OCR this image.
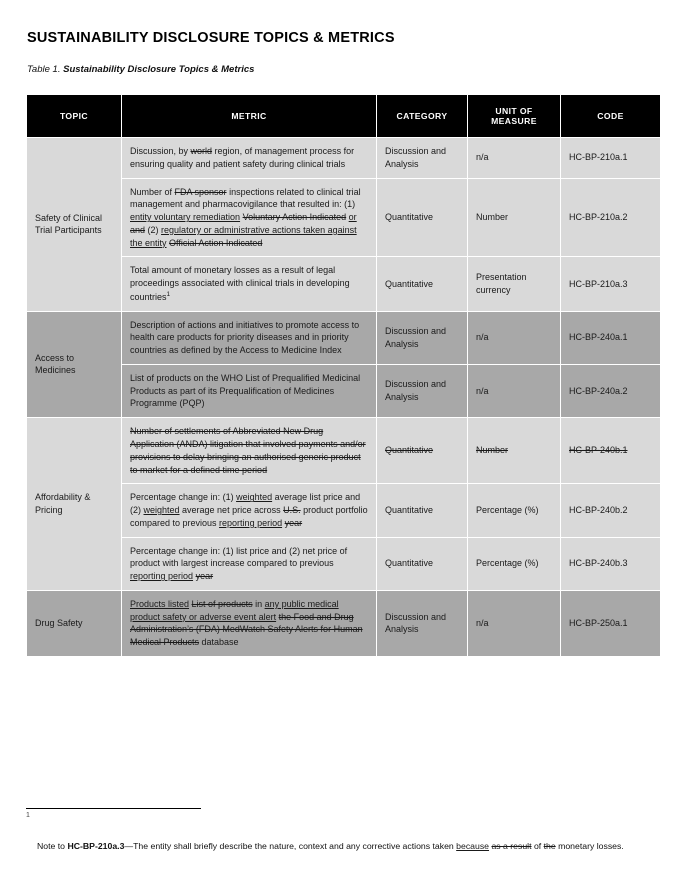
SUSTAINABILITY DISCLOSURE TOPICS & METRICS
Table 1. Sustainability Disclosure Topics & Metrics
TOPIC	METRIC	CATEGORY	UNIT OF
MEASURE	CODE
Safety of Clinical Trial Participants	Discussion, by world region, of management process for ensuring quality and patient safety during clinical trials	Discussion and Analysis	n/a	HC-BP-210a.1
	Number of FDA sponsor inspections related to clinical trial management and pharmacovigilance that resulted in: (1) entity voluntary remediation Voluntary Action Indicated or and (2) regulatory or administrative actions taken against the entity Official Action Indicated	Quantitative	Number	HC-BP-210a.2
	Total amount of monetary losses as a result of legal proceedings associated with clinical trials in developing countries$^1$	Quantitative	Presentation currency	HC-BP-210a.3
Access to Medicines	Description of actions and initiatives to promote access to health care products for priority diseases and in priority countries as defined by the Access to Medicine Index	Discussion and Analysis	n/a	HC-BP-240a.1
	List of products on the WHO List of Prequalified Medicinal Products as part of its Prequalification of Medicines Programme (PQP)	Discussion and Analysis	n/a	HC-BP-240a.2
Affordability & Pricing	Number of settlements of Abbreviated New Drug Application (ANDA) litigation that involved payments and/or provisions to delay bringing an authorised generic product to market for a defined time period	Quantitative	Number	HC-BP-240b.1
	Percentage change in: (1) weighted average list price and (2) weighted average net price across U.S. product portfolio compared to previous reporting period year	Quantitative	Percentage (%)	HC-BP-240b.2
	Percentage change in: (1) list price and (2) net price of product with largest increase compared to previous reporting period year	Quantitative	Percentage (%)	HC-BP-240b.3
Drug Safety	Products listed List of products in any public medical product safety or adverse event alert the Food and Drug Administration’s (FDA) MedWatch Safety Alerts for Human Medical Products database	Discussion and Analysis	n/a	HC-BP-250a.1
1
Note to HC-BP-210a.3—The entity shall briefly describe the nature, context and any corrective actions taken because as a result of the monetary losses.
